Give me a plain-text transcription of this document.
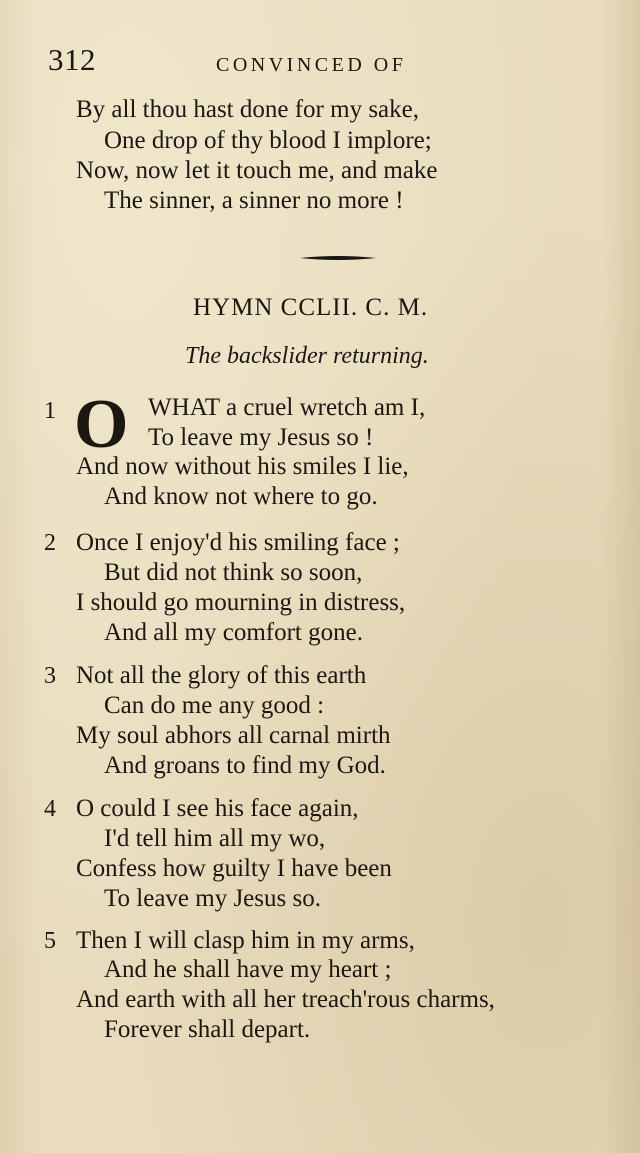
312	CONVINCED OF
By all thou hast done for my sake,
One drop of thy blood I implore;
Now, now let it touch me, and make
The sinner, a sinner no more !
HYMN CCLII. C. M.
The backslider returning.
1 O WHAT a cruel wretch am I,
To leave my Jesus so !
And now without his smiles I lie,
And know not where to go.
2 Once I enjoy'd his smiling face ;
But did not think so soon,
I should go mourning in distress,
And all my comfort gone.
3 Not all the glory of this earth
Can do me any good :
My soul abhors all carnal mirth
And groans to find my God.
4 O could I see his face again,
I'd tell him all my wo,
Confess how guilty I have been
To leave my Jesus so.
5 Then I will clasp him in my arms,
And he shall have my heart ;
And earth with all her treach'rous charms,
Forever shall depart.
